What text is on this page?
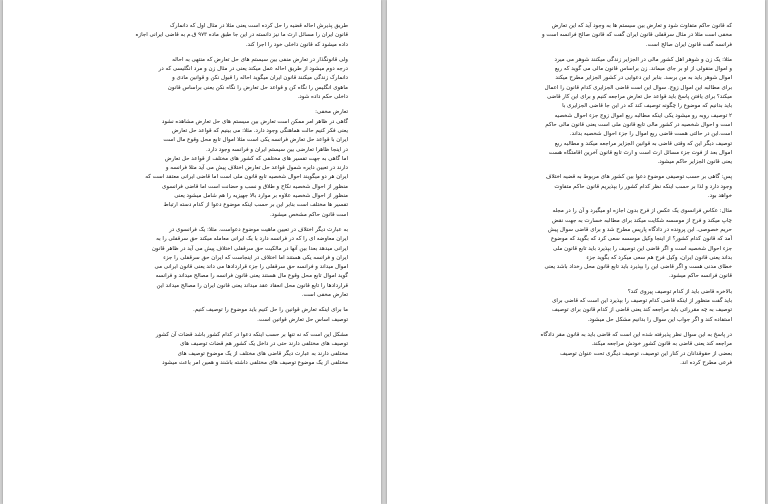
طریق پذیرش احاله قضیه را حل کرده است یعنی مثلا در مثال اول که دانمارک
قانون ایران را مسائل ارث ما نیز دانسته در این جا طبق ماده ۹۷۳ ق.م به قاضی ایرانی اجازه
داده میشود که قانون داخلی خود را اجرا کند.
ولی قانونگذار در تعارض منفی بین سیستم های حل تعارض که منتهی به احاله
درجه دوم میشود از طریق احاله عمل میکند یعنی در مثال زن و مرد انگلیسی که در
دانمارک زندگی میکنند قانون ایران میگوید احاله را قبول نکن و قوانین مادی و
ماهوی انگلیس را نگاه کن و قواعد حل تعارض را نگاه نکن یعنی براساس قانون
داخلی حکم داده شود.
تعارض مخفی:
گاهی در ظاهر امر ممکن است تعارض بین سیستم های حل تعارض مشاهده نشود
یعنی فکر کنیم حالت هماهنگی وجود دارد. مثلا: می بینیم که قواعد حل تعارض
ایران با قواعد حل تعارض فرانسه یکی است مثلا اموال تابع محل وقوع مال است
در اینجا ظاهرا تعارضی بین سیستم ایران و فرانسه وجود دارد.
اما گاهی به جهت تفسیر های مختلفی که کشور های مختلف از قواعد حل تعارض
دارند در تعیین دایره شمول قواعد حل تعارض اختلاف پیش می آید مثلا فرانسه و
ایران هر دو میگویند احوال شخصیه تابع قانون ملی است اما قاضی ایرانی معتقد است که
منظور از احوال شخصیه نکاح و طلاق و نسب و حضانت است اما قاضی فرانسوی
منظور از احوال شخصیه علاوه بر موارد بالا جهیزیه را هم شامل میشود یعنی
تفسیر ها مختلف است بنابر این بر حسب اینکه موضوع دعوا از کدام دسته ارتباط
است قانون حاکم مشخص میشود.
به عبارت دیگر اختلاف در تعیین ماهیت موضوع دعواست. مثلا: یک فرانسوی در
ایران معاوضه ای را که در فرانسه دارد با یک ایرانی معامله میکند حق سرقفلی را به
ایرانی میدهد بعدا بین آنها در مالکیت حق سرقفلی اختلاف پیش می آید در ظاهر قانون
ایران و فرانسه یکی هستند اما اختلاف در اینجاست که ایران حق سرقفلی را جزء
اموال میداند و فرانسه حق سرقفلی را جزء قراردادها می داند یعنی قانون ایرانی می
گوید اموال تابع محل وقوع مال هستند یعنی قانون فرانسه را مصالح میداند و فرانسه
قراردادها را تابع قانون محل انعقاد عقد میداند یعنی قانون ایران را مصالح میداند این
تعارض مخفی است.
ما برای اینکه تعارض قوانین را حل کنیم باید موضوع را توصیف کنیم.
توصیف اساس حل تعارض قوانین است.
مشکل این است که نه تنها بر حسب اینکه دعوا در کدام کشور باشد قضات آن کشور
توصیف های مختلفی دارند حتی در داخل یک کشور هم قضات توصیف های
مختلفی دارند به عبارت دیگر قاضی های مختلف از یک موضوع توصیف های
مختلفی از یک موضوع توصیف های مختلفی داشته باشند و همین امر باعث میشود
که قانون حاکم متفاوت شود و تعارض بین سیستم ها به وجود آید که این تعارض
مخفی است مثلا در مثال سرقفلی قانون ایران گفت که قانون صالح فرانسه است و
فرانسه گفت قانون ایران صالح است.
مثلا: یک زن و شوهر اهل کشور مالی در الجزایر زندگی میکنند شوهر می میرد
و اموال منقولی از او بر جای میماند. زن براساس قانون مالی می گوید که ربع
اموال شوهر باید به من برسد. بنابر این دعوایی در کشور الجزایر مطرح میکند
برای مطالبه این اموال زوج. سوال این است قاضی الجزایری کدام قانون را اعمال
میکند؟ برای یافتن پاسخ باید قواعد حل تعارض مراجعه کنیم و برای این کار قاضی
باید بدانیم که موضوع را چگونه توصیف کند که در این جا قاضی الجزایری با
۲ توصیف روبه رو میشود یکی اینکه مطالبه ربع اموال زوج جزء احوال شخصیه
است و احوال شخصیه در کشور مالی تابع قانون ملی است یعنی قانون مالی حاکم
است.این در حالتی هست قاضی ربع اموال را جزء احوال شخصیه بداند.
توصیف دیگر این که وقتی قاضی به قوانین الجزایر مراجعه میکند و مطالبه ربع
اموال بعد از فوت جزء مسائل ارث است و ارث تابع قانون آخرین اقامتگاه هست
یعنی قانون الجزایر حاکم میشود.
پس: گاهی بر حسب توصیفی موضوع دعوا بین کشور های مربوط به قضیه اختلاف
وجود دارد و لذا بر حسب اینکه نظر کدام کشور را بپذیریم قانون حاکم متفاوت
خواهد بود.
مثال: عکاس فرانسوی یک عکس از فرح بدون اجازه او میگیرد و آن را در مجله
چاپ میکند و فرح از موسسه شکایت میکند برای مطالبه خسارت به جهت نقض
حریم خصوصی. این پرونده در دادگاه پاریس مطرح شد و برای قاضی سوال پیش
آمد که قانون کدام کشور؟ از اینجا وکیل موسسه سعی کرد که بگوید که موضوع
جزء احوال شخصیه است و اگر قاضی این توصیف را بپذیرد باید تابع قانون ملی
بداند یعنی قانون ایران، وکیل فرح هم سعی میکرد که بگوید جزء
خطای مدنی هست و اگر قاضی این را بپذیرد باید تابع قانون محل رخداد باشد یعنی
قانون فرانسه حاکم میشود.
بالاخره قاضی باید از کدام توصیف پیروی کند؟
باید گفت منظور از اینکه قاضی کدام توصیف را بپذیرد این است که قاضی برای
توصیف به چه مقرراتی باید مراجعه کند یعنی قاضی از کدام قانون برای توصیف
استفاده کند و اگر جواب این سوال را بدانیم مشکل حل میشود.
در پاسخ به این سوال نظر پذیرفته شده این است که قاضی باید به قانون مقر دادگاه
مراجعه کند یعنی قاضی به قانون کشور خودش مراجعه میکند.
بعضی از حقوقدانان در کنار این توصیف، توصیف دیگری تحت عنوان توصیف
فرعی مطرح کرده اند.
